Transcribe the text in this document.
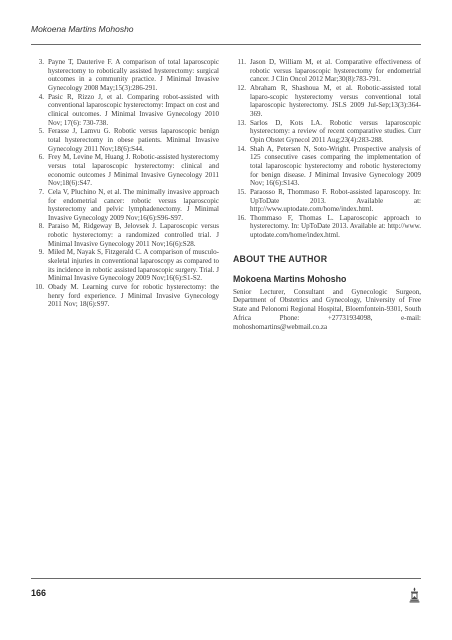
Mokoena Martins Mohosho
3. Payne T, Dauterive F. A comparison of total laparoscopic hysterectomy to robotically assisted hysterectomy: surgical outcomes in a community practice. J Minimal Invasive Gynecology 2008 May;15(3):286-291.
4. Pasic R, Rizzo J, et al. Comparing robot-assisted with conventional laparoscopic hysterectomy: Impact on cost and clinical outcomes. J Minimal Invasive Gynecology 2010 Nov; 17(6): 730-738.
5. Ferasse J, Lamvu G. Robotic versus laparoscopic benign total hysterectomy in obese patients. Minimal Invasive Gynecology 2011 Nov;18(6):S44.
6. Frey M, Levine M, Huang J. Robotic-assisted hysterectomy versus total laparoscopic hysterectomy: clinical and economic outcomes J Minimal Invasive Gynecology 2011 Nov;18(6):S47.
7. Cela V, Pluchino N, et al. The minimally invasive approach for endometrial cancer: robotic versus laparoscopic hysterectomy and pelvic lymphadenectomy. J Minimal Invasive Gynecology 2009 Nov;16(6):S96-S97.
8. Paraiso M, Ridgeway B, Jelovsek J. Laparoscopic versus robotic hysterectomy: a randomized controlled trial. J Minimal Invasive Gynecology 2011 Nov;16(6):S28.
9. Miled M, Nayak S, Fitzgerald C. A comparison of musculo-skeletal injuries in conventional laparoscopy as compared to its incidence in robotic assisted laparoscopic surgery. Trial. J Minimal Invasive Gynecology 2009 Nov;16(6):S1-S2.
10. Obady M. Learning curve for robotic hysterectomy: the henry ford experience. J Minimal Invasive Gynecology 2011 Nov; 18(6):S97.
11. Jason D, William M, et al. Comparative effectiveness of robotic versus laparoscopic hysterectomy for endometrial cancer. J Clin Oncol 2012 Mar;30(8):783-791.
12. Abraham R, Shashoua M, et al. Robotic-assisted total laparo-scopic hysterectomy versus conventional total laparoscopic hysterectomy. JSLS 2009 Jul-Sep;13(3):364-369.
13. Sarlos D, Kots LA. Robotic versus laparoscopic hysterectomy: a review of recent comparative studies. Curr Opin Obstet Gynecol 2011 Aug;23(4):283-288.
14. Shah A, Petersen N, Soto-Wright. Prospective analysis of 125 consecutive cases comparing the implementation of total laparoscopic hysterectomy and robotic hysterectomy for benign disease. J Minimal Invasive Gynecology 2009 Nov; 16(6):S143.
15. Paraosso R, Thommaso F. Robot-assisted laparoscopy. In: UpToDate 2013. Available at: http://www.uptodate.com/home/index.html.
16. Thommaso F, Thomas L. Laparoscopic approach to hysterectomy. In: UpToDate 2013. Available at: http://www. uptodate.com/home/index.html.
ABOUT THE AUTHOR
Mokoena Martins Mohosho
Senior Lecturer, Consultant and Gynecologic Surgeon, Department of Obstetrics and Gynecology, University of Free State and Pelonomi Regional Hospital, Bloemfontein-9301, South Africa Phone: +27731934098, e-mail: mohoshomartins@webmail.co.za
166
